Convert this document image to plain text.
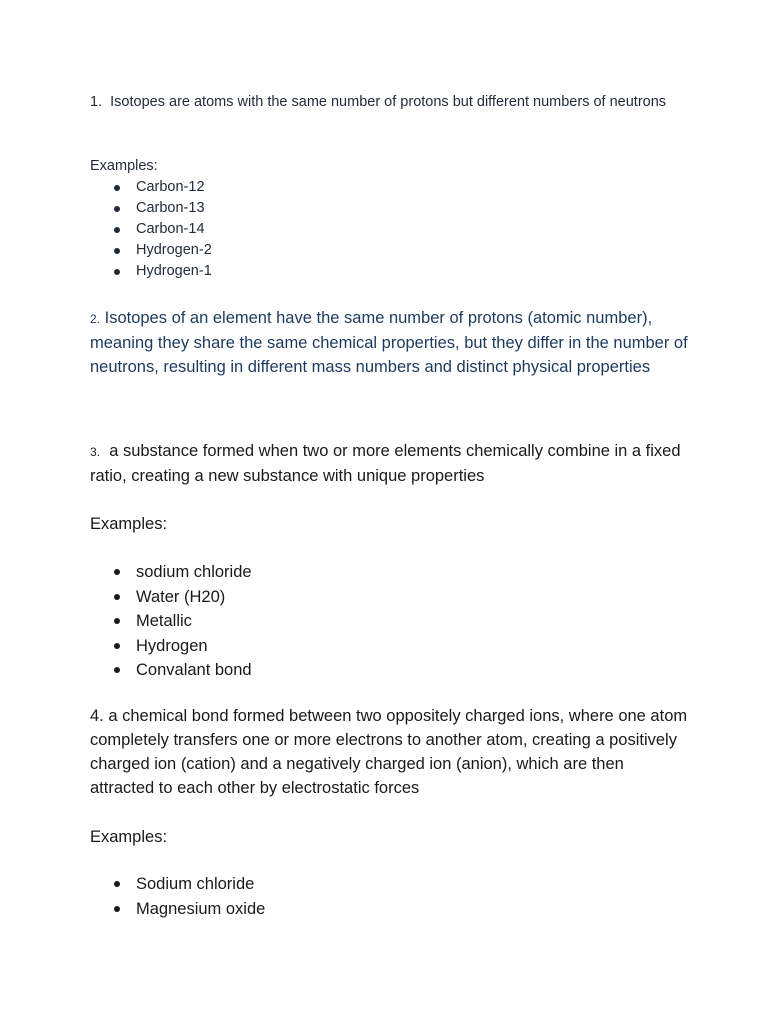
1. Isotopes are atoms with the same number of protons but different numbers of neutrons

Examples:

Carbon-12
Carbon-13
Carbon-14
Hydrogen-2
Hydrogen-1

2. Isotopes of an element have the same number of protons (atomic number), meaning they share the same chemical properties, but they differ in the number of neutrons, resulting in different mass numbers and distinct physical properties

3. a substance formed when two or more elements chemically combine in a fixed ratio, creating a new substance with unique properties

Examples:

sodium chloride
Water (H20)
Metallic
Hydrogen
Convalant bond

4. a chemical bond formed between two oppositely charged ions, where one atom completely transfers one or more electrons to another atom, creating a positively charged ion (cation) and a negatively charged ion (anion), which are then attracted to each other by electrostatic forces

Examples:

Sodium chloride
Magnesium oxide
